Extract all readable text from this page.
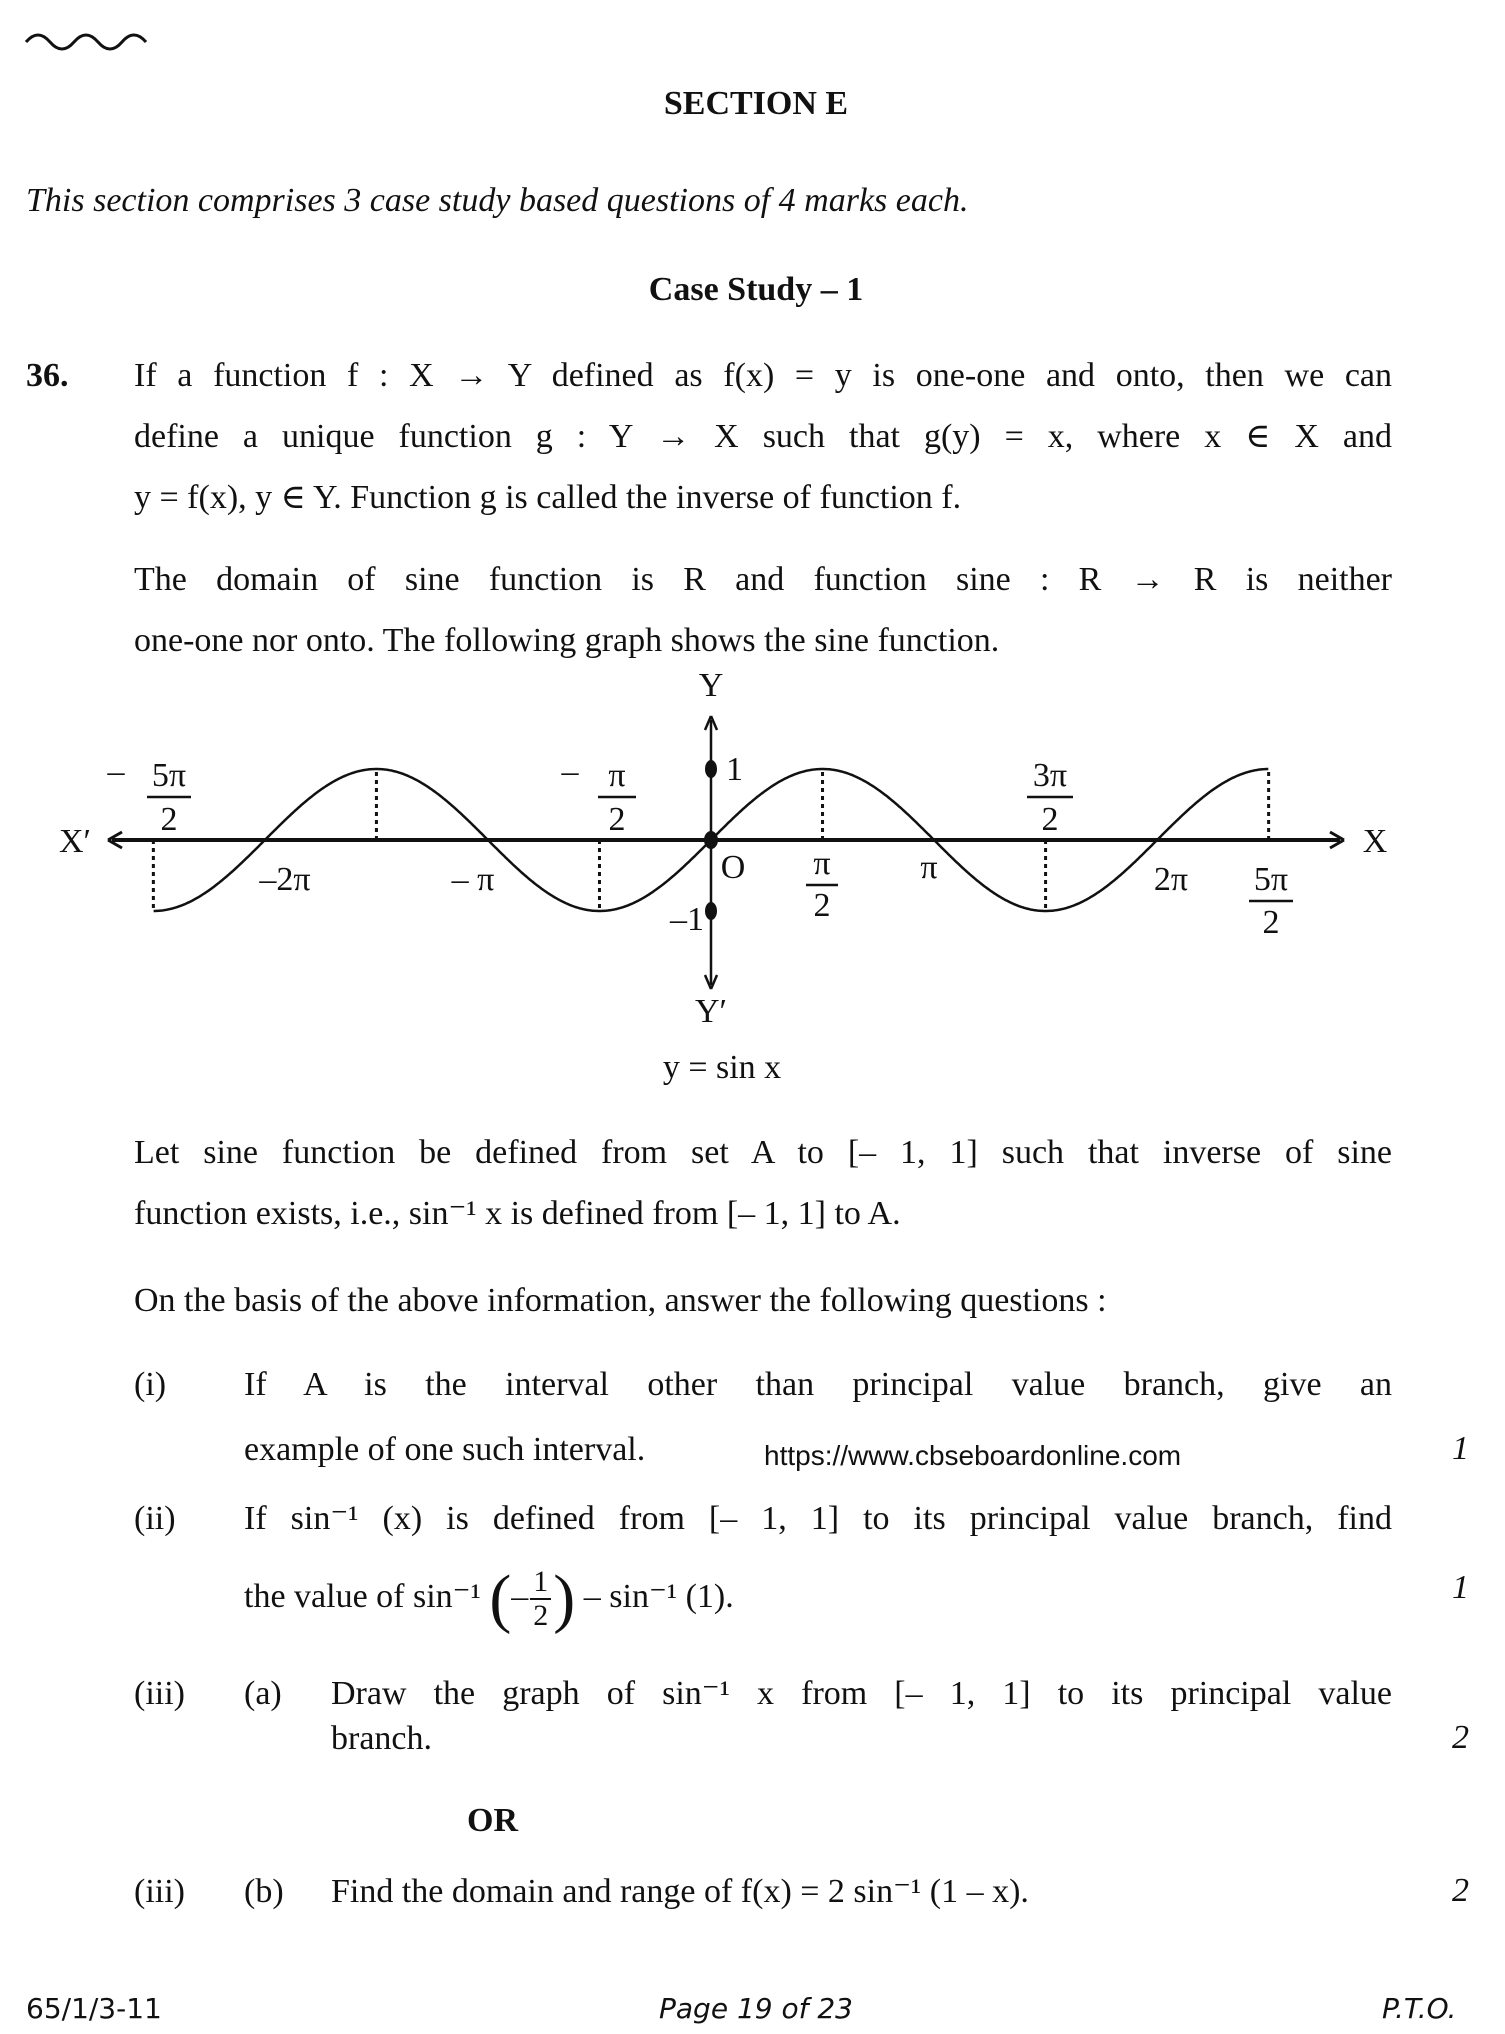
SECTION E
This section comprises 3 case study based questions of 4 marks each.
Case Study – 1
36. If a function f : X → Y defined as f(x) = y is one-one and onto, then we can
define a unique function g : Y → X such that g(y) = x, where x ∈ X and
y = f(x), y ∈ Y. Function g is called the inverse of function f.
The domain of sine function is R and function sine : R → R is neither
one-one nor onto. The following graph shows the sine function.
Y
Y′
X′	X
1
–1
O
–2π	– π	π	2π
– 5π
2
– π
2
3π
2
π
2
5π
2
y = sin x
Let sine function be defined from set A to [– 1, 1] such that inverse of sine
function exists, i.e., sin⁻¹ x is defined from [– 1, 1] to A.
On the basis of the above information, answer the following questions :
(i) If A is the interval other than principal value branch, give an
example of one such interval.	https://www.cbseboardonline.com	1
(ii) If sin⁻¹ (x) is defined from [– 1, 1] to its principal value branch, find
the value of sin⁻¹ (– $\frac{1}{2}$ ) – sin⁻¹ (1).	1
(iii) (a) Draw the graph of sin⁻¹ x from [– 1, 1] to its principal value
branch.	2
OR
(iii) (b) Find the domain and range of f(x) = 2 sin⁻¹ (1 – x).	2
65/1/3-11	Page 19 of 23	P.T.O.
